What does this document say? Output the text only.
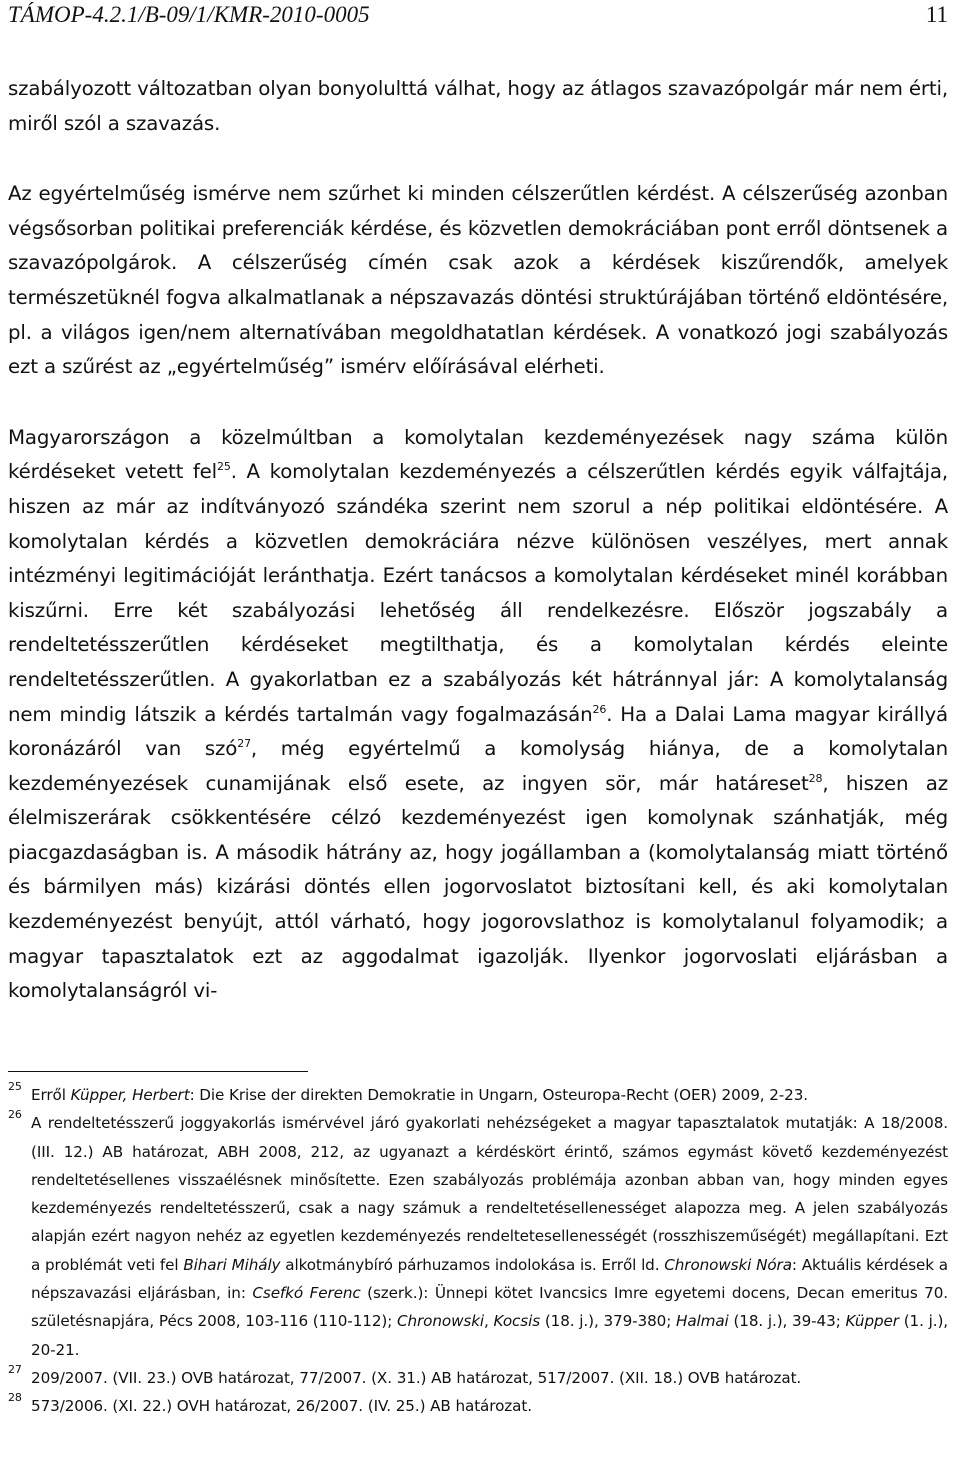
TÁMOP-4.2.1/B-09/1/KMR-2010-0005	11

szabályozott változatban olyan bonyolulttá válhat, hogy az átlagos szavazópolgár már nem érti, miről szól a szavazás.

Az egyértelműség ismérve nem szűrhet ki minden célszerűtlen kérdést. A célszerűség azonban végsősorban politikai preferenciák kérdése, és közvetlen demokráciában pont erről döntsenek a szavazópolgárok. A célszerűség címén csak azok a kérdések kiszűrendők, amelyek természetüknél fogva alkalmatlanak a népszavazás döntési struktúrájában történő eldöntésére, pl. a világos igen/nem alternatívában megoldhatatlan kérdések. A vonatkozó jogi szabályozás ezt a szűrést az „egyértelműség” ismérv előírásával elérheti.

Magyarországon a közelmúltban a komolytalan kezdeményezések nagy száma külön kérdéseket vetett fel$^{25}$. A komolytalan kezdeményezés a célszerűtlen kérdés egyik válfajtája, hiszen az már az indítványozó szándéka szerint nem szorul a nép politikai eldöntésére. A komolytalan kérdés a közvetlen demokráciára nézve különösen veszélyes, mert annak intézményi legitimációját leránthatja. Ezért tanácsos a komolytalan kérdéseket minél korábban kiszűrni. Erre két szabályozási lehetőség áll rendelkezésre. Először jogszabály a rendeltetésszerűtlen kérdéseket megtilthatja, és a komolytalan kérdés eleinte rendeltetésszerűtlen. A gyakorlatban ez a szabályozás két hátránnyal jár: A komolytalanság nem mindig látszik a kérdés tartalmán vagy fogalmazásán$^{26}$. Ha a Dalai Lama magyar királlyá koronázáról van szó$^{27}$, még egyértelmű a komolyság hiánya, de a komolytalan kezdeményezések cunamijának első esete, az ingyen sör, már határeset$^{28}$, hiszen az élelmiszerárak csökkentésére célzó kezdeményezést igen komolynak szánhatják, még piacgazdaságban is. A második hátrány az, hogy jogállamban a (komolytalanság miatt történő és bármilyen más) kizárási döntés ellen jogorvoslatot biztosítani kell, és aki komolytalan kezdeményezést benyújt, attól várható, hogy jogorovslathoz is komolytalanul folyamodik; a magyar tapasztalatok ezt az aggodalmat igazolják. Ilyenkor jogorvoslati eljárásban a komolytalanságról vi-

25 Erről Küpper, Herbert: Die Krise der direkten Demokratie in Ungarn, Osteuropa-Recht (OER) 2009, 2-23.
26 A rendeltetésszerű joggyakorlás ismérvével járó gyakorlati nehézségeket a magyar tapasztalatok mutatják: A 18/2008. (III. 12.) AB határozat, ABH 2008, 212, az ugyanazt a kérdéskört érintő, számos egymást követő kezdeményezést rendeltetésellenes visszaélésnek minősítette. Ezen szabályozás problémája azonban abban van, hogy minden egyes kezdeményezés rendeltetésszerű, csak a nagy számuk a rendeltetésellenességet alapozza meg. A jelen szabályozás alapján ezért nagyon nehéz az egyetlen kezdeményezés rendeltetesellenességét (rosszhiszeműségét) megállapítani. Ezt a problémát veti fel Bihari Mihály alkotmánybíró párhuzamos indolokása is. Erről ld. Chronowski Nóra: Aktuális kérdések a népszavazási eljárásban, in: Csefkó Ferenc (szerk.): Ünnepi kötet Ivancsics Imre egyetemi docens, Decan emeritus 70. születésnapjára, Pécs 2008, 103-116 (110-112); Chronowski, Kocsis (18. j.), 379-380; Halmai (18. j.), 39-43; Küpper (1. j.), 20-21.
27 209/2007. (VII. 23.) OVB határozat, 77/2007. (X. 31.) AB határozat, 517/2007. (XII. 18.) OVB határozat.
28 573/2006. (XI. 22.) OVH határozat, 26/2007. (IV. 25.) AB határozat.
